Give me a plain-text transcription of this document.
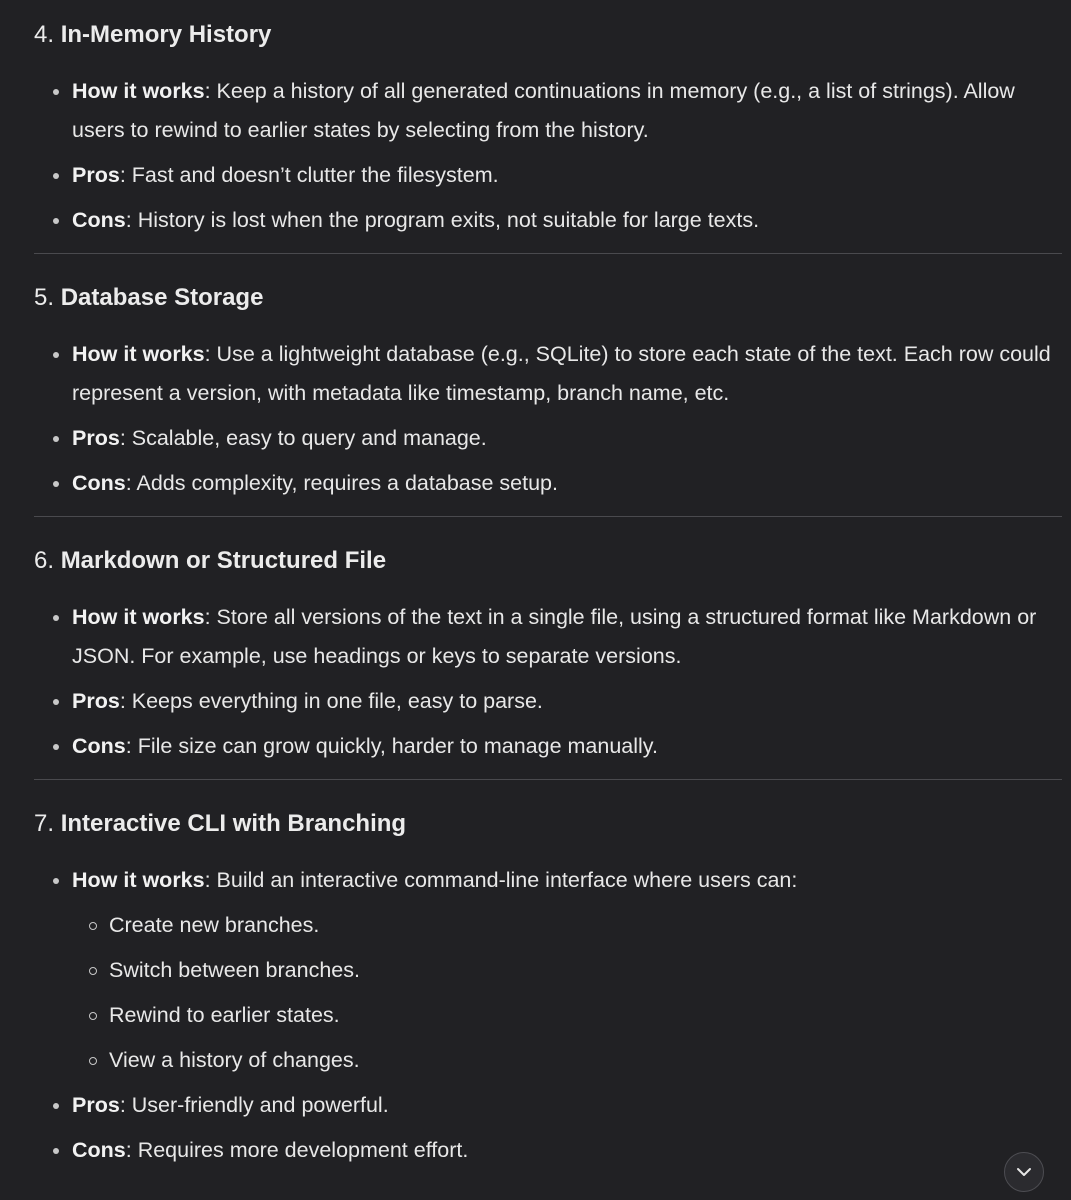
4. In-Memory History
How it works: Keep a history of all generated continuations in memory (e.g., a list of strings). Allow users to rewind to earlier states by selecting from the history.
Pros: Fast and doesn’t clutter the filesystem.
Cons: History is lost when the program exits, not suitable for large texts.
5. Database Storage
How it works: Use a lightweight database (e.g., SQLite) to store each state of the text. Each row could represent a version, with metadata like timestamp, branch name, etc.
Pros: Scalable, easy to query and manage.
Cons: Adds complexity, requires a database setup.
6. Markdown or Structured File
How it works: Store all versions of the text in a single file, using a structured format like Markdown or JSON. For example, use headings or keys to separate versions.
Pros: Keeps everything in one file, easy to parse.
Cons: File size can grow quickly, harder to manage manually.
7. Interactive CLI with Branching
How it works: Build an interactive command-line interface where users can:
Create new branches.
Switch between branches.
Rewind to earlier states.
View a history of changes.
Pros: User-friendly and powerful.
Cons: Requires more development effort.
